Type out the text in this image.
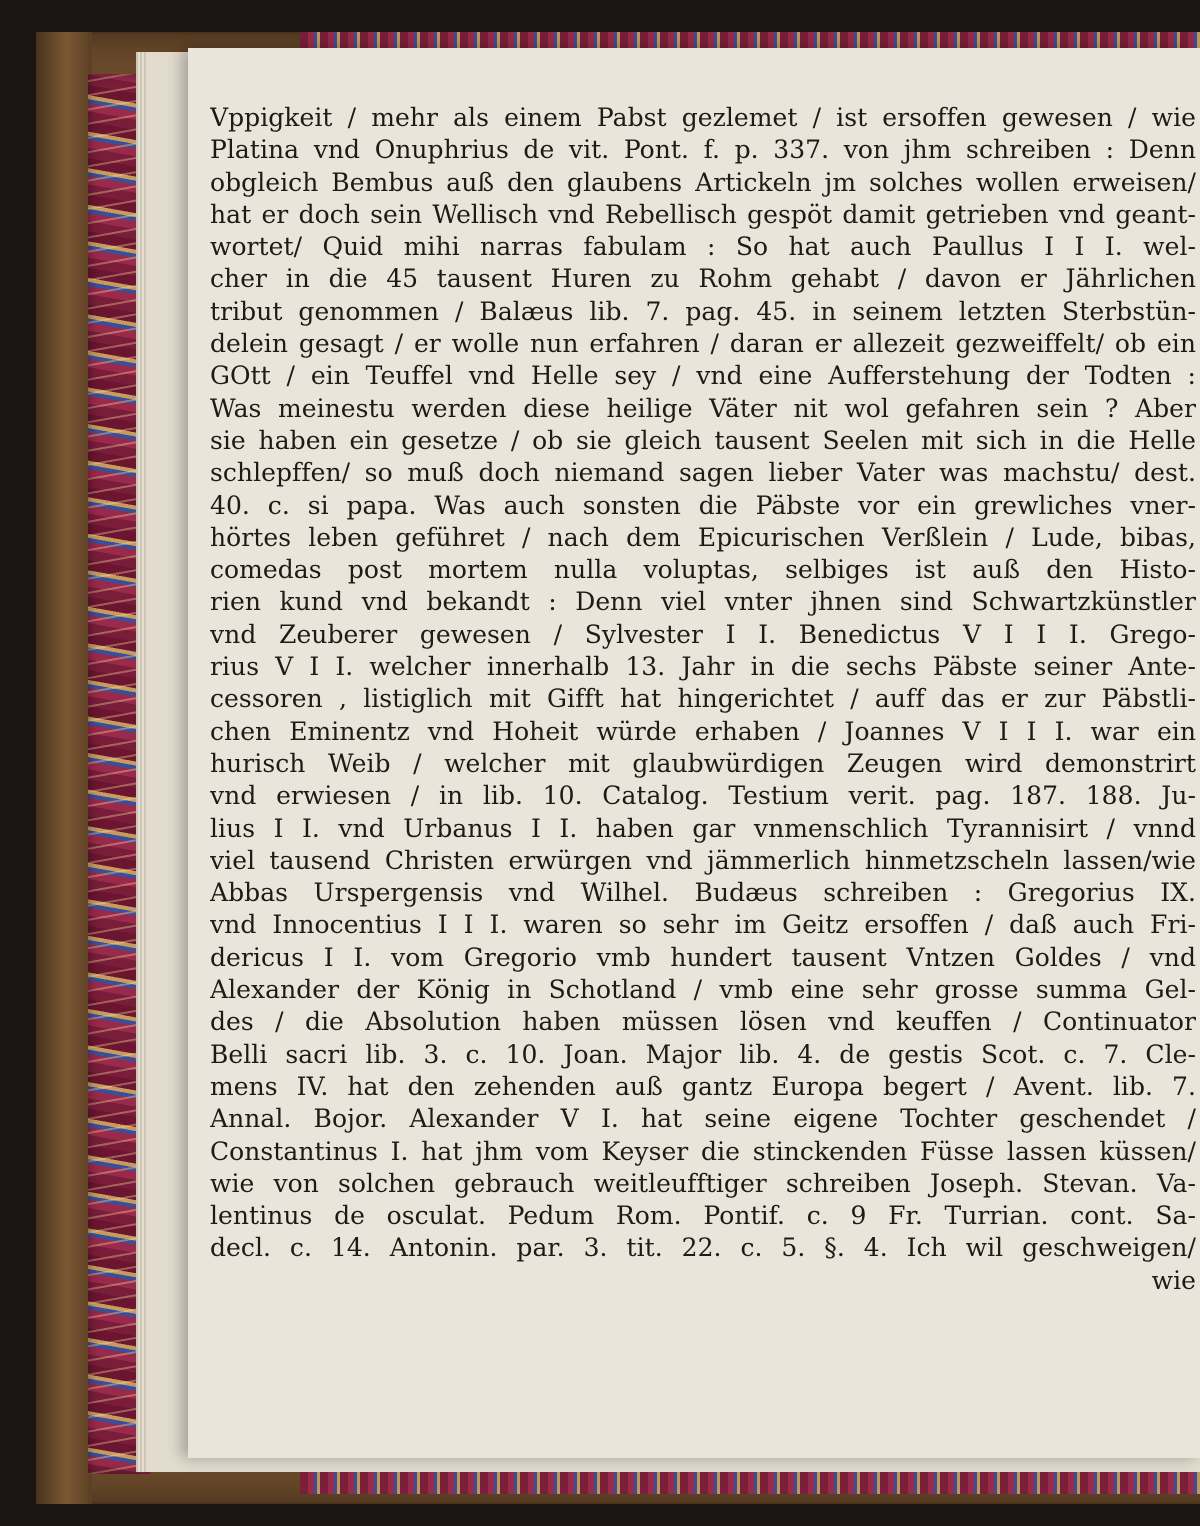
Vppigkeit / mehr als einem Pabst gezlemet / ist ersoffen gewesen / wie
Platina vnd Onuphrius de vit. Pont. f. p. 337. von jhm schreiben : Denn
obgleich Bembus auß den glaubens Artickeln jm solches wollen erweisen/
hat er doch sein Wellisch vnd Rebellisch gespöt damit getrieben vnd geant-
wortet/ Quid mihi narras fabulam : So hat auch Paullus I I I. wel-
cher in die 45 tausent Huren zu Rohm gehabt / davon er Jährlichen
tribut genommen / Balæus lib. 7. pag. 45. in seinem letzten Sterbstün-
delein gesagt / er wolle nun erfahren / daran er allezeit gezweiffelt/ ob ein
GOtt / ein Teuffel vnd Helle sey / vnd eine Aufferstehung der Todten :
Was meinestu werden diese heilige Väter nit wol gefahren sein ? Aber
sie haben ein gesetze / ob sie gleich tausent Seelen mit sich in die Helle
schlepffen/ so muß doch niemand sagen lieber Vater was machstu/ dest.
40. c. si papa. Was auch sonsten die Päbste vor ein grewliches vner-
hörtes leben geführet / nach dem Epicurischen Verßlein / Lude, bibas,
comedas post mortem nulla voluptas, selbiges ist auß den Histo-
rien kund vnd bekandt : Denn viel vnter jhnen sind Schwartzkünstler
vnd Zeuberer gewesen / Sylvester I I. Benedictus V I I I. Grego-
rius V I I. welcher innerhalb 13. Jahr in die sechs Päbste seiner Ante-
cessoren , listiglich mit Gifft hat hingerichtet / auff das er zur Päbstli-
chen Eminentz vnd Hoheit würde erhaben / Joannes V I I I. war ein
hurisch Weib / welcher mit glaubwürdigen Zeugen wird demonstrirt
vnd erwiesen / in lib. 10. Catalog. Testium verit. pag. 187. 188. Ju-
lius I I. vnd Urbanus I I. haben gar vnmenschlich Tyrannisirt / vnnd
viel tausend Christen erwürgen vnd jämmerlich hinmetzscheln lassen/wie
Abbas Urspergensis vnd Wilhel. Budæus schreiben : Gregorius IX.
vnd Innocentius I I I. waren so sehr im Geitz ersoffen / daß auch Fri-
dericus I I. vom Gregorio vmb hundert tausent Vntzen Goldes / vnd
Alexander der König in Schotland / vmb eine sehr grosse summa Gel-
des / die Absolution haben müssen lösen vnd keuffen / Continuator
Belli sacri lib. 3. c. 10. Joan. Major lib. 4. de gestis Scot. c. 7. Cle-
mens IV. hat den zehenden auß gantz Europa begert / Avent. lib. 7.
Annal. Bojor. Alexander V I. hat seine eigene Tochter geschendet /
Constantinus I. hat jhm vom Keyser die stinckenden Füsse lassen küssen/
wie von solchen gebrauch weitleufftiger schreiben Joseph. Stevan. Va-
lentinus de osculat. Pedum Rom. Pontif. c. 9 Fr. Turrian. cont. Sa-
decl. c. 14. Antonin. par. 3. tit. 22. c. 5. §. 4. Ich wil geschweigen/
wie
